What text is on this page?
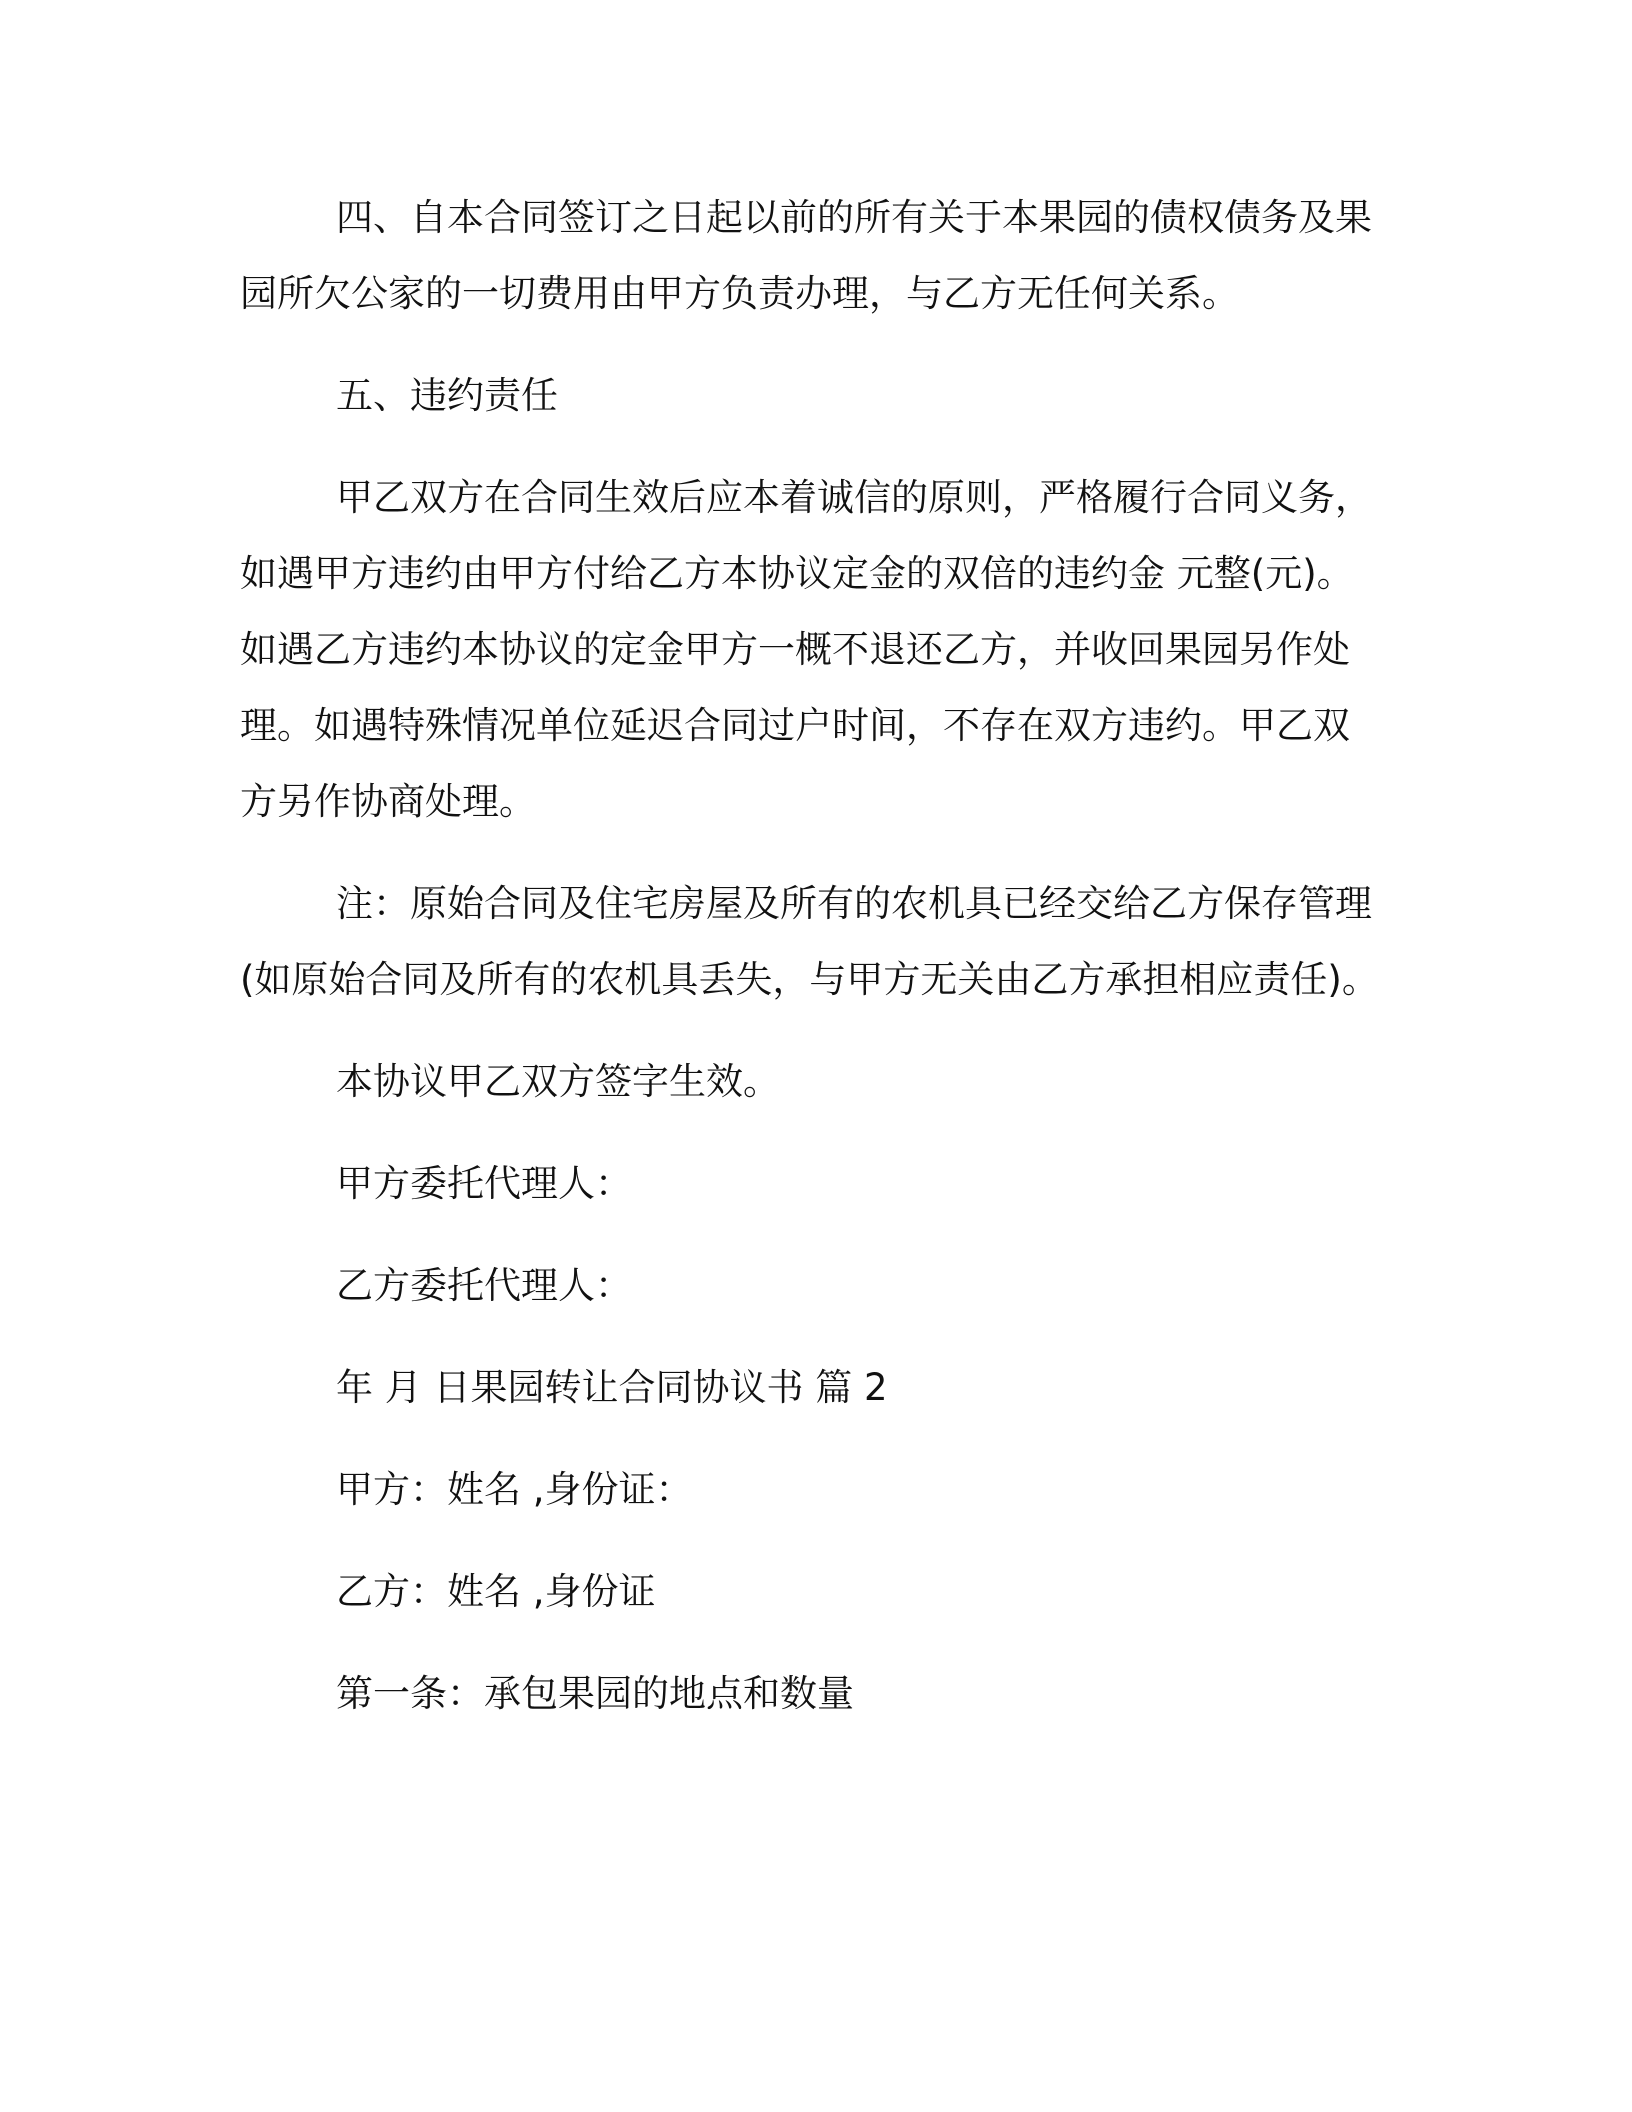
四、自本合同签订之日起以前的所有关于本果园的债权债务及果
园所欠公家的一切费用由甲方负责办理，与乙方无任何关系。
五、违约责任
甲乙双方在合同生效后应本着诚信的原则，严格履行合同义务，
如遇甲方违约由甲方付给乙方本协议定金的双倍的违约金 元整(元)。
如遇乙方违约本协议的定金甲方一概不退还乙方，并收回果园另作处
理。如遇特殊情况单位延迟合同过户时间，不存在双方违约。甲乙双
方另作协商处理。
注：原始合同及住宅房屋及所有的农机具已经交给乙方保存管理
(如原始合同及所有的农机具丢失，与甲方无关由乙方承担相应责任)。
本协议甲乙双方签字生效。
甲方委托代理人：
乙方委托代理人：
年 月 日果园转让合同协议书 篇 2
甲方：姓名 ,身份证：
乙方：姓名 ,身份证
第一条：承包果园的地点和数量
